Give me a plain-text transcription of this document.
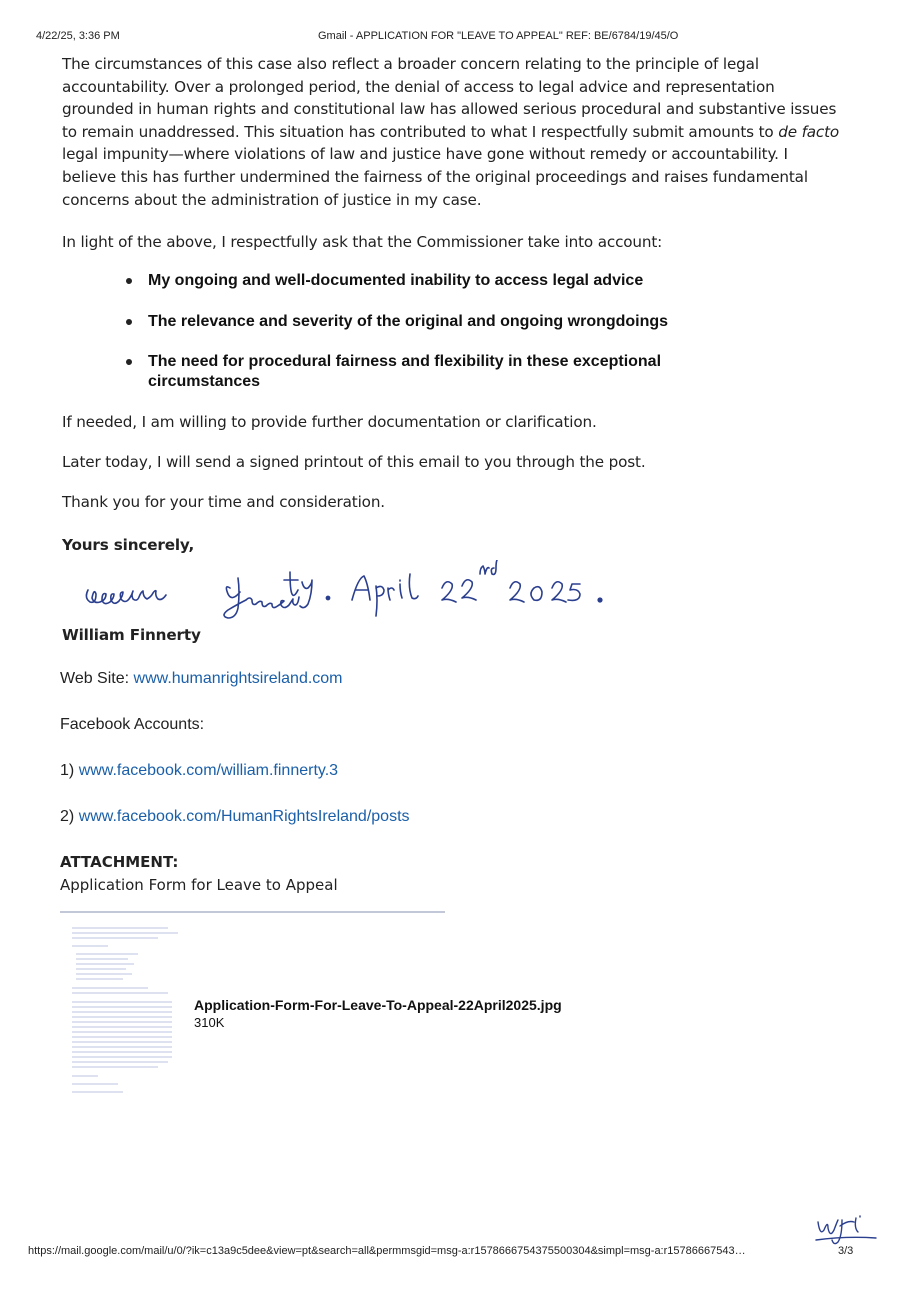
4/22/25, 3:36 PM	Gmail - APPLICATION FOR "LEAVE TO APPEAL" REF: BE/6784/19/45/O
The circumstances of this case also reflect a broader concern relating to the principle of legal accountability. Over a prolonged period, the denial of access to legal advice and representation grounded in human rights and constitutional law has allowed serious procedural and substantive issues to remain unaddressed. This situation has contributed to what I respectfully submit amounts to de facto legal impunity—where violations of law and justice have gone without remedy or accountability. I believe this has further undermined the fairness of the original proceedings and raises fundamental concerns about the administration of justice in my case.
In light of the above, I respectfully ask that the Commissioner take into account:
My ongoing and well-documented inability to access legal advice
The relevance and severity of the original and ongoing wrongdoings
The need for procedural fairness and flexibility in these exceptional circumstances
If needed, I am willing to provide further documentation or clarification.
Later today, I will send a signed printout of this email to you through the post.
Thank you for your time and consideration.
Yours sincerely,
William Finnerty
Web Site: www.humanrightsireland.com
Facebook Accounts:
1) www.facebook.com/william.finnerty.3
2) www.facebook.com/HumanRightsIreland/posts
ATTACHMENT:
Application Form for Leave to Appeal
Application-Form-For-Leave-To-Appeal-22April2025.jpg
310K
https://mail.google.com/mail/u/0/?ik=c13a9c5dee&view=pt&search=all&permmsgid=msg-a:r1578666754375500304&simpl=msg-a:r15786667543…	3/3
